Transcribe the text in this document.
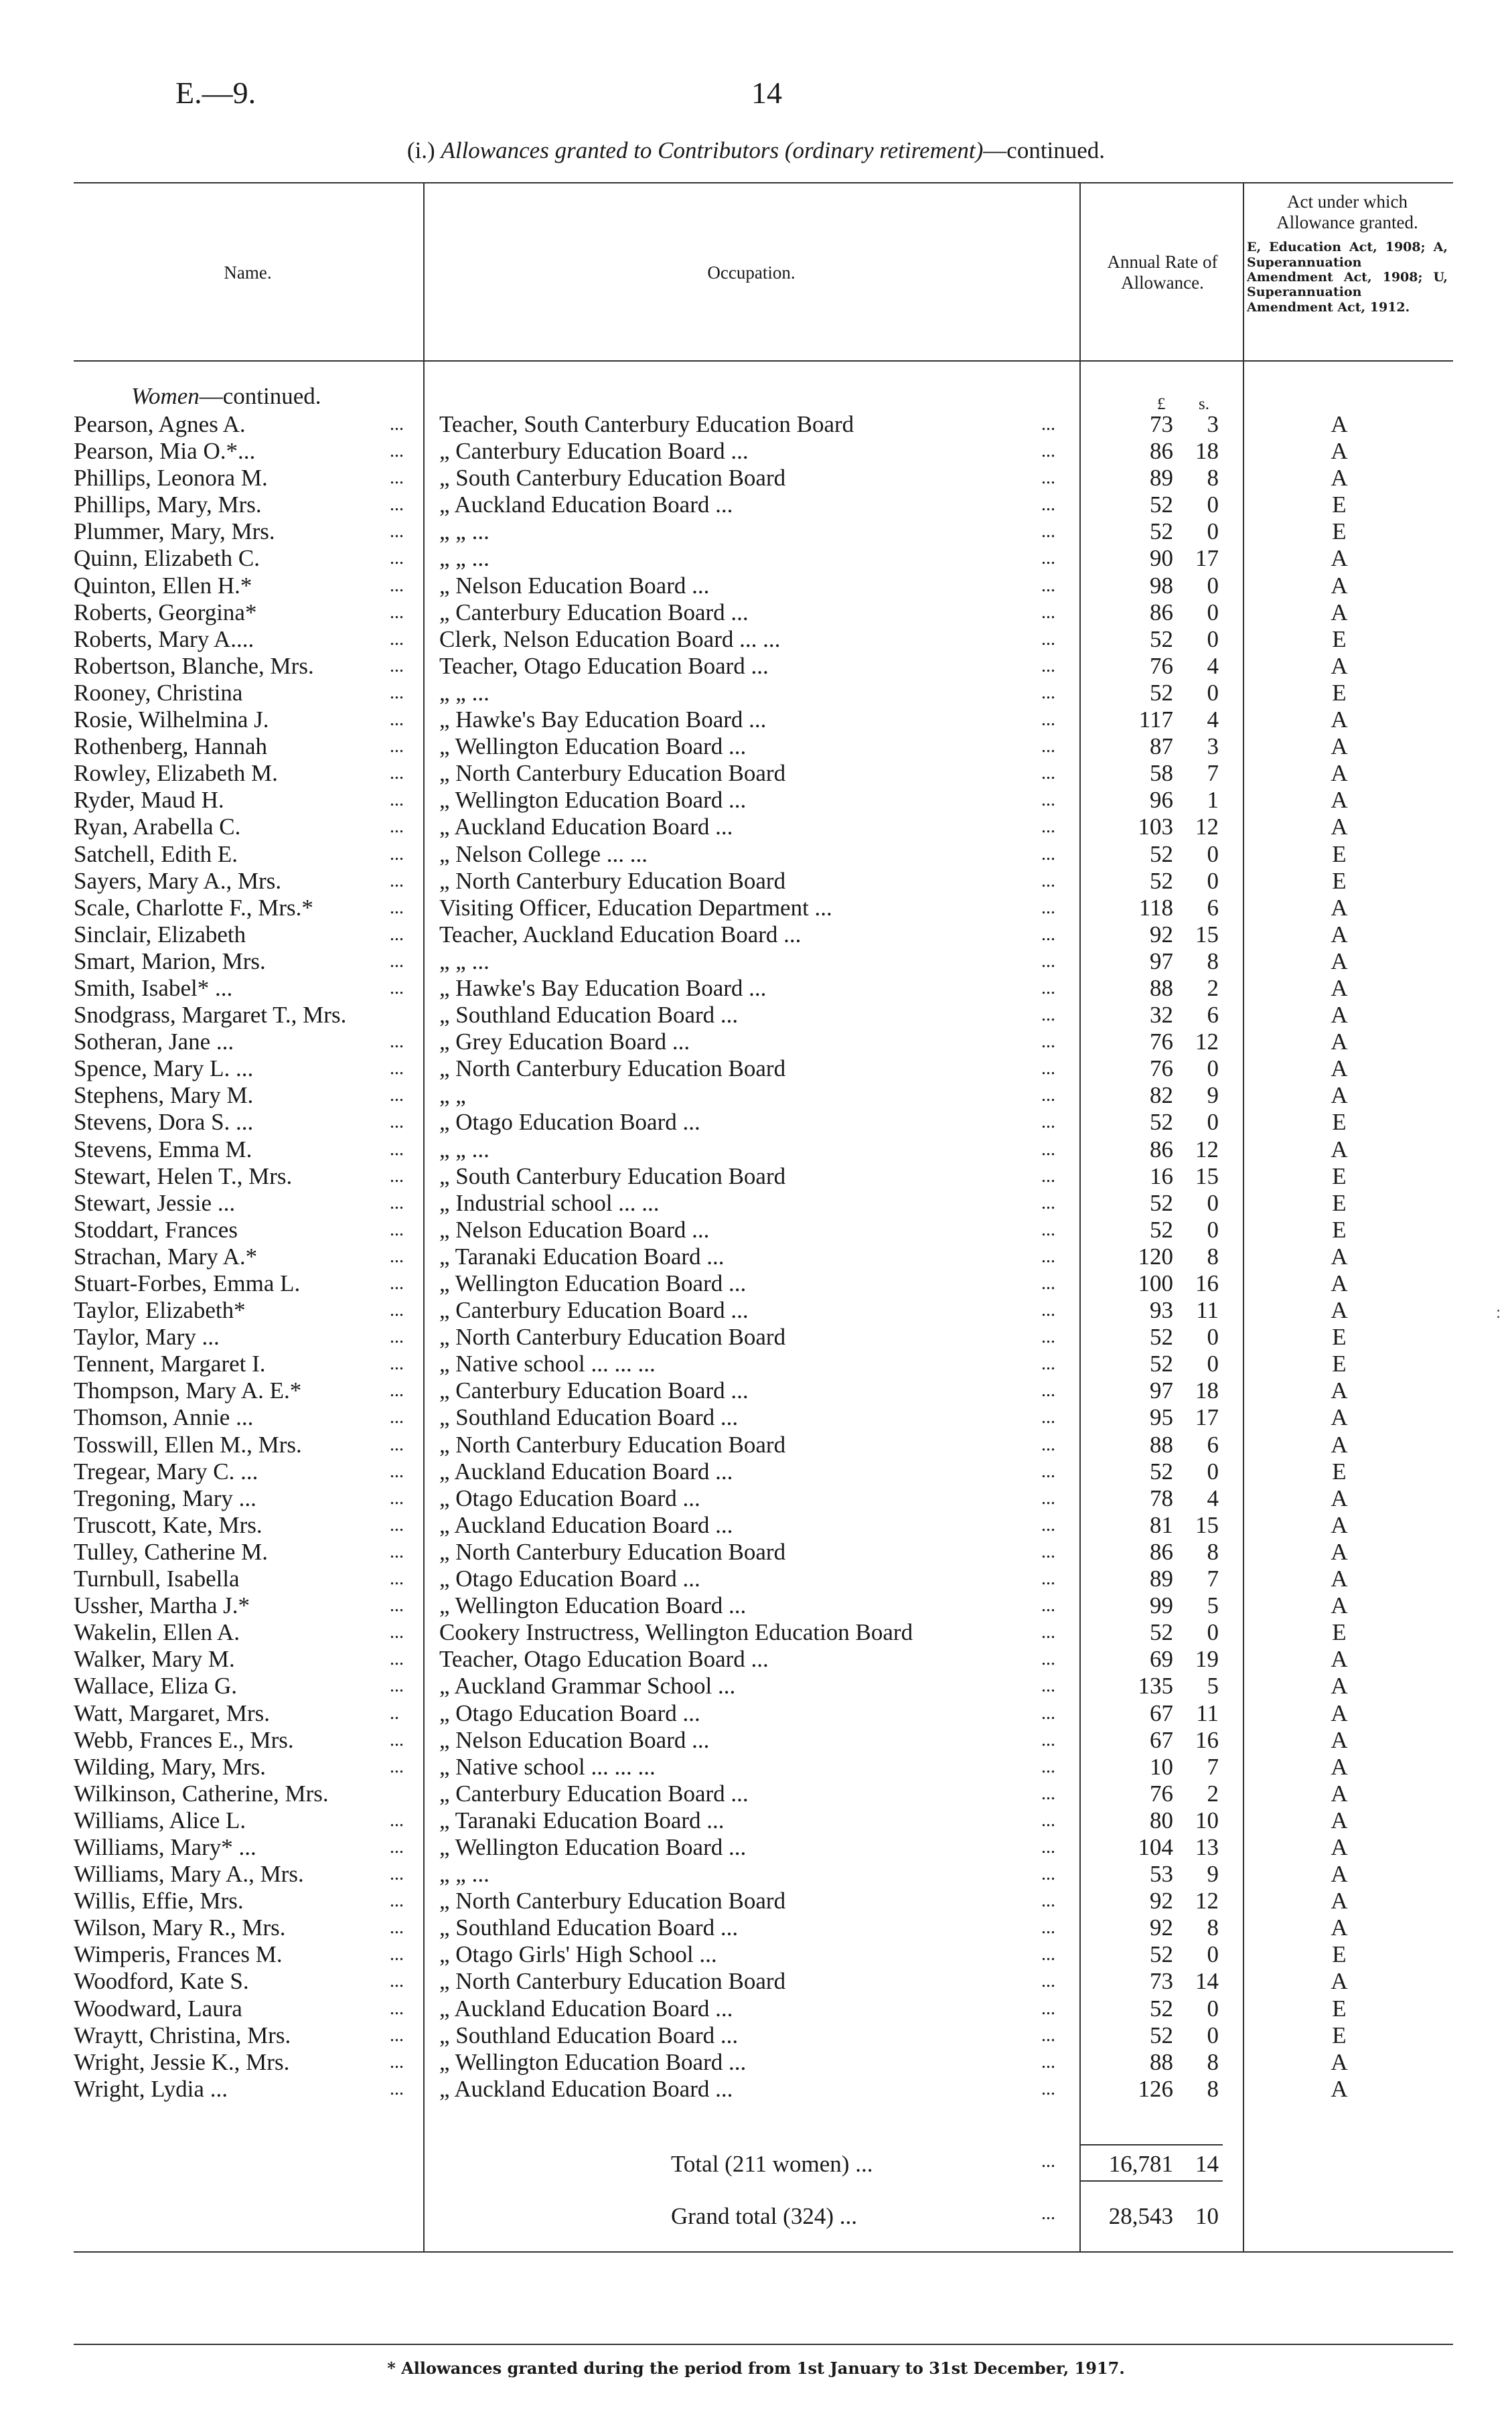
E.—9.	14
(i.) Allowances granted to Contributors (ordinary retirement)—continued.
Name.	Occupation.
Annual Rate of Allowance.
Act under which Allowance granted.
E, Education Act, 1908; A, Superannuation Amendment Act, 1908; U, Superannuation Amendment Act, 1912.
£ s.
Women—continued.
Pearson, Agnes A.	... Teacher, South Canterbury Education Board	...	73	3	A
Pearson, Mia O.*...	... „ Canterbury Education Board ...	...	86 18	A
Phillips, Leonora M.	... „ South Canterbury Education Board	...	89	8	A
Phillips, Mary, Mrs.	... „ Auckland Education Board ...	...	52	0	E
Plummer, Mary, Mrs.	... „ „ ...	...	52	0	E
Quinn, Elizabeth C.	... „ „ ...	...	90 17	A
Quinton, Ellen H.*	... „ Nelson Education Board ...	...	98	0	A
Roberts, Georgina*	... „ Canterbury Education Board ...	...	86	0	A
Roberts, Mary A....	... Clerk, Nelson Education Board ... ...	...	52	0	E
Robertson, Blanche, Mrs.	... Teacher, Otago Education Board ...	...	76	4	A
Rooney, Christina	... „ „ ...	...	52	0	E
Rosie, Wilhelmina J.	... „ Hawke's Bay Education Board ...	...	117	4	A
Rothenberg, Hannah	... „ Wellington Education Board ...	...	87	3	A
Rowley, Elizabeth M.	... „ North Canterbury Education Board	...	58	7	A
Ryder, Maud H.	... „ Wellington Education Board ...	...	96	1	A
Ryan, Arabella C.	... „ Auckland Education Board ...	...	103 12	A
Satchell, Edith E.	... „ Nelson College ... ...	...	52	0	E
Sayers, Mary A., Mrs.	... „ North Canterbury Education Board	...	52	0	E
Scale, Charlotte F., Mrs.*	... Visiting Officer, Education Department ...	...	118	6	A
Sinclair, Elizabeth	... Teacher, Auckland Education Board ...	...	92 15	A
Smart, Marion, Mrs.	... „ „ ...	...	97	8	A
Smith, Isabel* ...	... „ Hawke's Bay Education Board ...	...	88	2	A
Snodgrass, Margaret T., Mrs.	„ Southland Education Board ...	...	32	6	A
Sotheran, Jane ...	... „ Grey Education Board ...	...	76 12	A
Spence, Mary L. ...	... „ North Canterbury Education Board	...	76	0	A
Stephens, Mary M.	... „ „	...	82	9	A
Stevens, Dora S. ...	... „ Otago Education Board ...	...	52	0	E
Stevens, Emma M.	... „ „ ...	...	86 12	A
Stewart, Helen T., Mrs.	... „ South Canterbury Education Board	...	16 15	E
Stewart, Jessie ...	... „ Industrial school ... ...	...	52	0	E
Stoddart, Frances	... „ Nelson Education Board ...	...	52	0	E
Strachan, Mary A.*	... „ Taranaki Education Board ...	...	120	8	A
Stuart-Forbes, Emma L.	... „ Wellington Education Board ...	...	100 16	A
Taylor, Elizabeth*	... „ Canterbury Education Board ...	...	93 11	A
Taylor, Mary ...	... „ North Canterbury Education Board	...	52	0	E
Tennent, Margaret I.	... „ Native school ... ... ...	...	52	0	E
Thompson, Mary A. E.*	... „ Canterbury Education Board ...	...	97 18	A
Thomson, Annie ...	... „ Southland Education Board ...	...	95 17	A
Tosswill, Ellen M., Mrs.	... „ North Canterbury Education Board	...	88	6	A
Tregear, Mary C. ...	... „ Auckland Education Board ...	...	52	0	E
Tregoning, Mary ...	... „ Otago Education Board ...	...	78	4	A
Truscott, Kate, Mrs.	... „ Auckland Education Board ...	...	81 15	A
Tulley, Catherine M.	... „ North Canterbury Education Board	...	86	8	A
Turnbull, Isabella	... „ Otago Education Board ...	...	89	7	A
Ussher, Martha J.*	... „ Wellington Education Board ...	...	99	5	A
Wakelin, Ellen A.	... Cookery Instructress, Wellington Education Board	...	52	0	E
Walker, Mary M.	... Teacher, Otago Education Board ...	...	69 19	A
Wallace, Eliza G.	... „ Auckland Grammar School ...	...	135	5	A
Watt, Margaret, Mrs.	.. „ Otago Education Board ...	...	67 11	A
Webb, Frances E., Mrs.	... „ Nelson Education Board ...	...	67 16	A
Wilding, Mary, Mrs.	... „ Native school ... ... ...	...	10	7	A
Wilkinson, Catherine, Mrs.	„ Canterbury Education Board ...	...	76	2	A
Williams, Alice L.	... „ Taranaki Education Board ...	...	80 10	A
Williams, Mary* ...	... „ Wellington Education Board ...	...	104 13	A
Williams, Mary A., Mrs.	... „ „ ...	...	53	9	A
Willis, Effie, Mrs.	... „ North Canterbury Education Board	...	92 12	A
Wilson, Mary R., Mrs.	... „ Southland Education Board ...	...	92	8	A
Wimperis, Frances M.	... „ Otago Girls' High School ...	...	52	0	E
Woodford, Kate S.	... „ North Canterbury Education Board	...	73 14	A
Woodward, Laura	... „ Auckland Education Board ...	...	52	0	E
Wraytt, Christina, Mrs.	... „ Southland Education Board ...	...	52	0	E
Wright, Jessie K., Mrs.	... „ Wellington Education Board ...	...	88	8	A
Wright, Lydia ...	... „ Auckland Education Board ...	...	126	8	A
Total (211 women) ...	...	16,781 14
Grand total (324) ...	...	28,543 10
* Allowances granted during the period from 1st January to 31st December, 1917.
:
